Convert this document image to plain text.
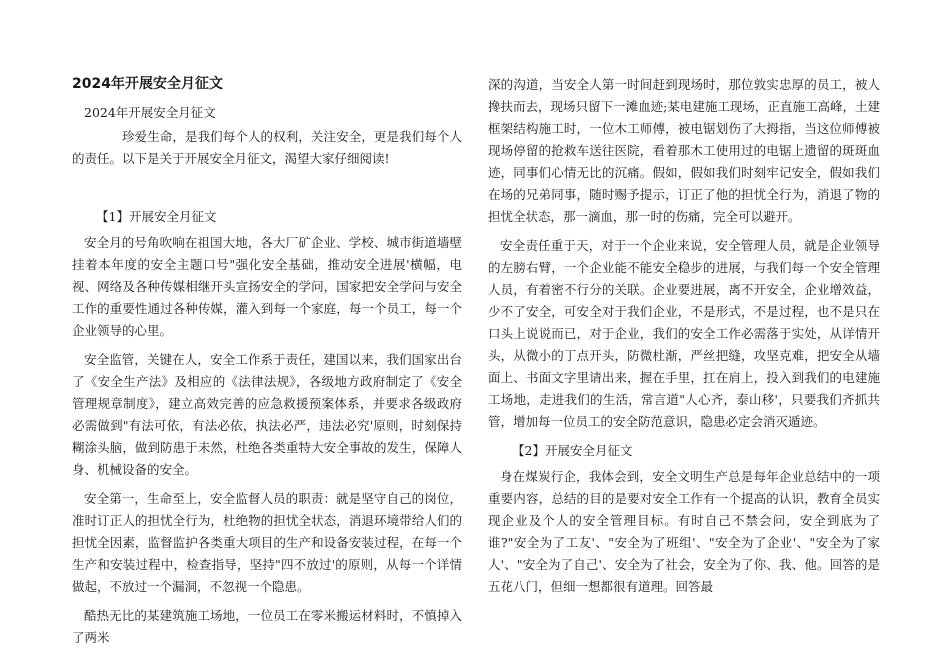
2024年开展安全月征文

2024年开展安全月征文

珍爱生命，是我们每个人的权利，关注安全，更是我们每个人的责任。以下是关于开展安全月征文，渴望大家仔细阅读!

【1】开展安全月征文

安全月的号角吹响在祖国大地，各大厂矿企业、学校、城市街道墙壁挂着本年度的安全主题口号"强化安全基础，推动安全进展'横幅，电视、网络及各种传媒相继开头宣扬安全的学问，国家把安全学问与安全工作的重要性通过各种传媒，灌入到每一个家庭，每一个员工，每一个企业领导的心里。

安全监管，关键在人，安全工作系于责任，建国以来，我们国家出台了《安全生产法》及相应的《法律法规》，各级地方政府制定了《安全管理规章制度》，建立高效完善的应急救援预案体系，并要求各级政府必需做到"有法可依，有法必依，执法必严，违法必究'原则，时刻保持糊涂头脑，做到防患于未然，杜绝各类重特大安全事故的发生，保障人身、机械设备的安全。

安全第一，生命至上，安全监督人员的职责：就是坚守自己的岗位，准时订正人的担忧全行为，杜绝物的担忧全状态，消退环境带给人们的担忧全因素，监督监护各类重大项目的生产和设备安装过程，在每一个生产和安装过程中，检查指导，坚持"四不放过'的原则，从每一个详情做起，不放过一个漏洞，不忽视一个隐患。

酷热无比的某建筑施工场地，一位员工在零米搬运材料时，不慎掉入了两米

深的沟道，当安全人第一时间赶到现场时，那位敦实忠厚的员工，被人搀扶而去，现场只留下一滩血迹;某电建施工现场，正直施工高峰，土建框架结构施工时，一位木工师傅，被电锯划伤了大拇指，当这位师傅被现场停留的抢救车送往医院，看着那木工使用过的电锯上遗留的斑斑血迹，同事们心情无比的沉痛。假如，假如我们时刻牢记安全，假如我们在场的兄弟同事，随时赐予提示，订正了他的担忧全行为，消退了物的担忧全状态，那一滴血，那一时的伤痛，完全可以避开。

安全责任重于天，对于一个企业来说，安全管理人员，就是企业领导的左膀右臂，一个企业能不能安全稳步的进展，与我们每一个安全管理人员，有着密不行分的关联。企业要进展，离不开安全，企业增效益，少不了安全，可安全对于我们企业，不是形式，不是过程，也不是只在口头上说说而已，对于企业，我们的安全工作必需落于实处，从详情开头，从微小的丁点开头，防微杜渐，严丝把缝，攻坚克难，把安全从墙面上、书面文字里请出来，握在手里，扛在肩上，投入到我们的电建施工场地，走进我们的生活，常言道"人心齐，泰山移'，只要我们齐抓共管，增加每一位员工的安全防范意识，隐患必定会消灭遁迹。

【2】开展安全月征文

身在煤炭行企，我体会到，安全文明生产总是每年企业总结中的一项重要内容，总结的目的是要对安全工作有一个提高的认识，教育全员实现企业及个人的安全管理目标。有时自己不禁会问，安全到底为了谁?"安全为了工友'、"安全为了班组'、"安全为了企业'、"安全为了家人'、"安全为了自己'、安全为了社会，安全为了你、我、他。回答的是五花八门，但细一想都很有道理。回答最
